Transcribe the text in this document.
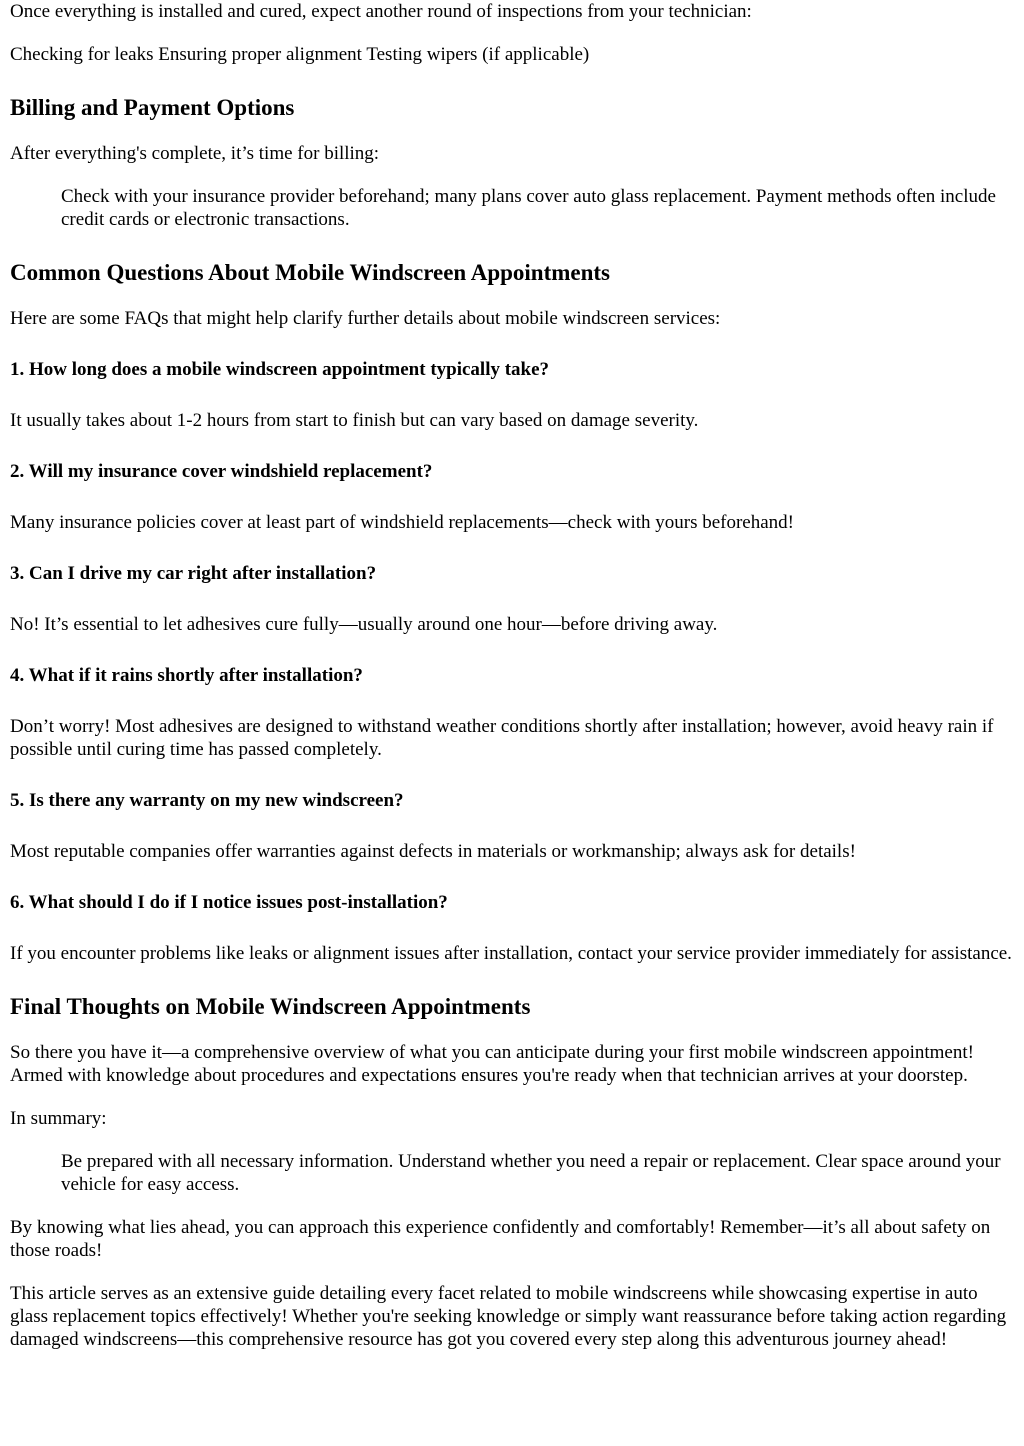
Once everything is installed and cured, expect another round of inspections from your technician:

Checking for leaks Ensuring proper alignment Testing wipers (if applicable)

Billing and Payment Options

After everything's complete, it’s time for billing:

Check with your insurance provider beforehand; many plans cover auto glass replacement. Payment methods often include credit cards or electronic transactions.

Common Questions About Mobile Windscreen Appointments

Here are some FAQs that might help clarify further details about mobile windscreen services:

1. How long does a mobile windscreen appointment typically take?

It usually takes about 1-2 hours from start to finish but can vary based on damage severity.

2. Will my insurance cover windshield replacement?

Many insurance policies cover at least part of windshield replacements—check with yours beforehand!

3. Can I drive my car right after installation?

No! It’s essential to let adhesives cure fully—usually around one hour—before driving away.

4. What if it rains shortly after installation?

Don’t worry! Most adhesives are designed to withstand weather conditions shortly after installation; however, avoid heavy rain if possible until curing time has passed completely.

5. Is there any warranty on my new windscreen?

Most reputable companies offer warranties against defects in materials or workmanship; always ask for details!

6. What should I do if I notice issues post-installation?

If you encounter problems like leaks or alignment issues after installation, contact your service provider immediately for assistance.

Final Thoughts on Mobile Windscreen Appointments

So there you have it—a comprehensive overview of what you can anticipate during your first mobile windscreen appointment! Armed with knowledge about procedures and expectations ensures you're ready when that technician arrives at your doorstep.

In summary:

Be prepared with all necessary information. Understand whether you need a repair or replacement. Clear space around your vehicle for easy access.

By knowing what lies ahead, you can approach this experience confidently and comfortably! Remember—it’s all about safety on those roads!

This article serves as an extensive guide detailing every facet related to mobile windscreens while showcasing expertise in auto glass replacement topics effectively! Whether you're seeking knowledge or simply want reassurance before taking action regarding damaged windscreens—this comprehensive resource has got you covered every step along this adventurous journey ahead!
